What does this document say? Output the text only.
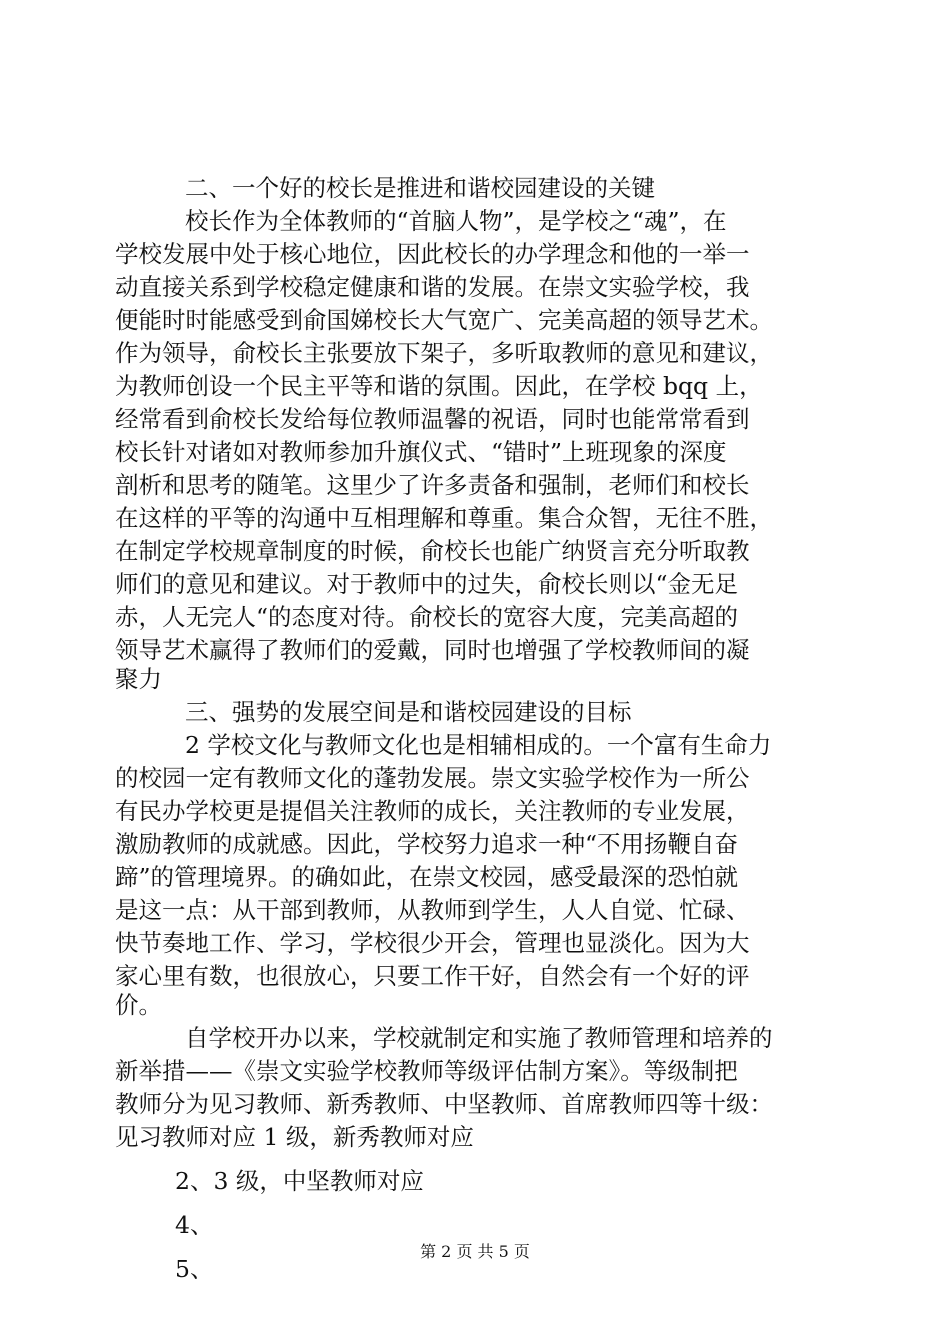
二、一个好的校长是推进和谐校园建设的关键
校长作为全体教师的“首脑人物”，是学校之“魂”，在
学校发展中处于核心地位，因此校长的办学理念和他的一举一
动直接关系到学校稳定健康和谐的发展。在崇文实验学校，我
便能时时能感受到俞国娣校长大气宽广、完美高超的领导艺术。
作为领导，俞校长主张要放下架子，多听取教师的意见和建议，
为教师创设一个民主平等和谐的氛围。因此，在学校 bqq 上，
经常看到俞校长发给每位教师温馨的祝语，同时也能常常看到
校长针对诸如对教师参加升旗仪式、“错时”上班现象的深度
剖析和思考的随笔。这里少了许多责备和强制，老师们和校长
在这样的平等的沟通中互相理解和尊重。集合众智，无往不胜，
在制定学校规章制度的时候，俞校长也能广纳贤言充分听取教
师们的意见和建议。对于教师中的过失，俞校长则以“金无足
赤，人无完人“的态度对待。俞校长的宽容大度，完美高超的
领导艺术赢得了教师们的爱戴，同时也增强了学校教师间的凝
聚力
三、强势的发展空间是和谐校园建设的目标
2 学校文化与教师文化也是相辅相成的。一个富有生命力
的校园一定有教师文化的蓬勃发展。崇文实验学校作为一所公
有民办学校更是提倡关注教师的成长，关注教师的专业发展，
激励教师的成就感。因此，学校努力追求一种“不用扬鞭自奋
蹄”的管理境界。的确如此，在崇文校园，感受最深的恐怕就
是这一点：从干部到教师，从教师到学生，人人自觉、忙碌、
快节奏地工作、学习，学校很少开会，管理也显淡化。因为大
家心里有数，也很放心，只要工作干好，自然会有一个好的评
价。
自学校开办以来，学校就制定和实施了教师管理和培养的
新举措——《崇文实验学校教师等级评估制方案》。等级制把
教师分为见习教师、新秀教师、中坚教师、首席教师四等十级：
见习教师对应 1 级，新秀教师对应
2、3 级，中坚教师对应
4、
5、
第 2 页 共 5 页
